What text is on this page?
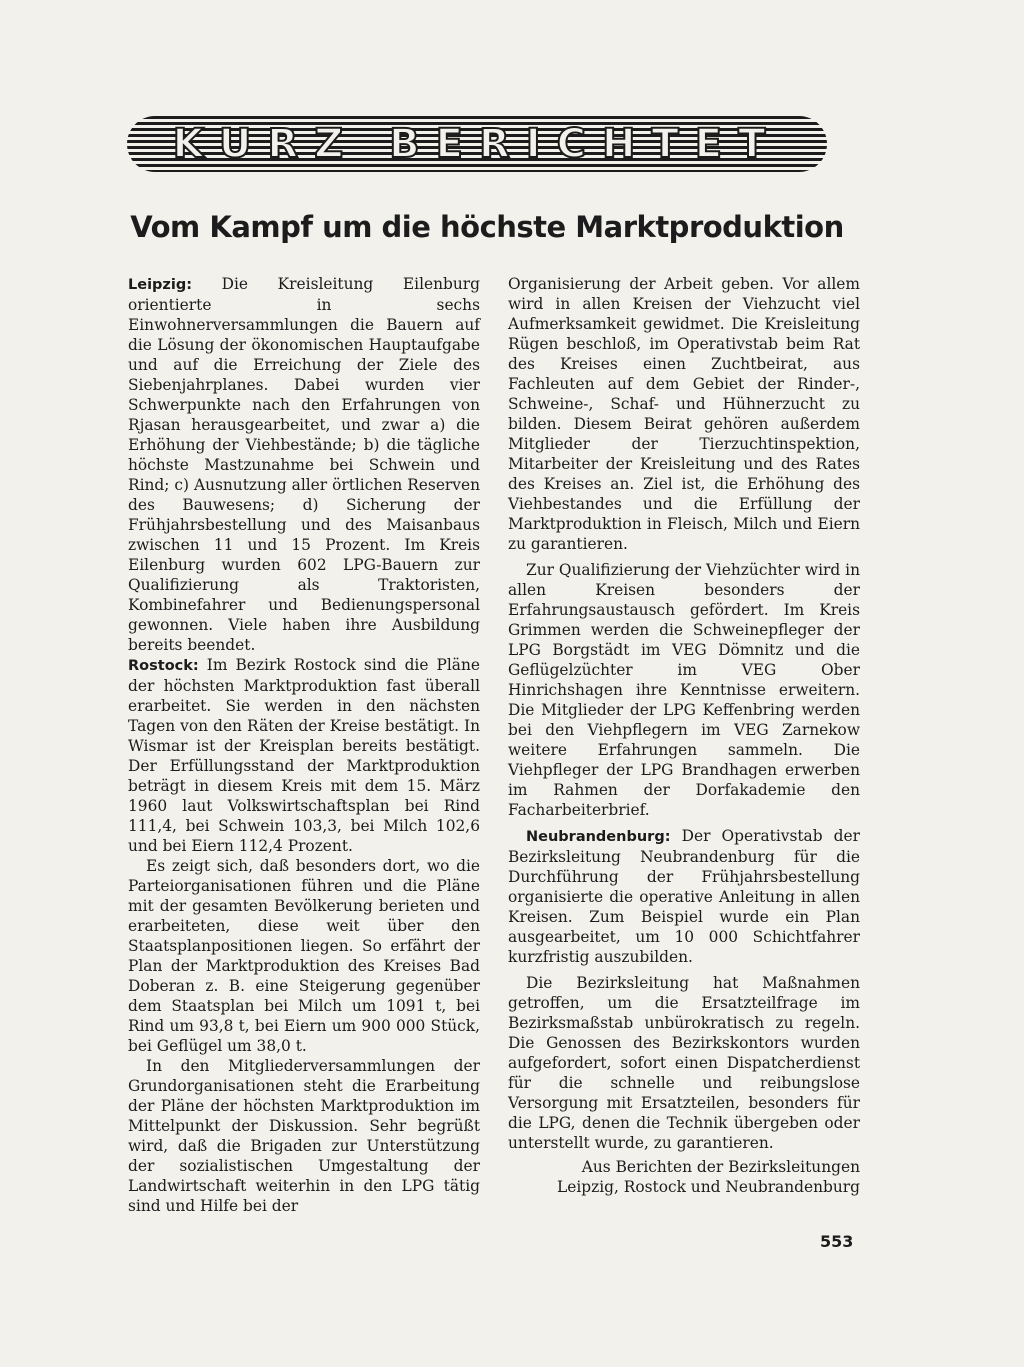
KURZ BERICHTET
Vom Kampf um die höchste Marktproduktion

Leipzig: Die Kreisleitung Eilenburg orientierte in sechs Einwohnerversammlungen die Bauern auf die Lösung der ökonomischen Hauptaufgabe und auf die Erreichung der Ziele des Siebenjahrplanes. Dabei wurden vier Schwerpunkte nach den Erfahrungen von Rjasan herausgearbeitet, und zwar a) die Erhöhung der Viehbestände; b) die tägliche höchste Mastzunahme bei Schwein und Rind; c) Ausnutzung aller örtlichen Reserven des Bauwesens; d) Sicherung der Frühjahrsbestellung und des Maisanbaus zwischen 11 und 15 Prozent. Im Kreis Eilenburg wurden 602 LPG-Bauern zur Qualifizierung als Traktoristen, Kombinefahrer und Bedienungspersonal gewonnen. Viele haben ihre Ausbildung bereits beendet.

Rostock: Im Bezirk Rostock sind die Pläne der höchsten Marktproduktion fast überall erarbeitet. Sie werden in den nächsten Tagen von den Räten der Kreise bestätigt. In Wismar ist der Kreisplan bereits bestätigt. Der Erfüllungsstand der Marktproduktion beträgt in diesem Kreis mit dem 15. März 1960 laut Volkswirtschaftsplan bei Rind 111,4, bei Schwein 103,3, bei Milch 102,6 und bei Eiern 112,4 Prozent.

Es zeigt sich, daß besonders dort, wo die Parteiorganisationen führen und die Pläne mit der gesamten Bevölkerung berieten und erarbeiteten, diese weit über den Staatsplanpositionen liegen. So erfährt der Plan der Marktproduktion des Kreises Bad Doberan z. B. eine Steigerung gegenüber dem Staatsplan bei Milch um 1091 t, bei Rind um 93,8 t, bei Eiern um 900 000 Stück, bei Geflügel um 38,0 t.

In den Mitgliederversammlungen der Grundorganisationen steht die Erarbeitung der Pläne der höchsten Marktproduktion im Mittelpunkt der Diskussion. Sehr begrüßt wird, daß die Brigaden zur Unterstützung der sozialistischen Umgestaltung der Landwirtschaft weiterhin in den LPG tätig sind und Hilfe bei der

Organisierung der Arbeit geben. Vor allem wird in allen Kreisen der Viehzucht viel Aufmerksamkeit gewidmet. Die Kreisleitung Rügen beschloß, im Operativstab beim Rat des Kreises einen Zuchtbeirat, aus Fachleuten auf dem Gebiet der Rinder-, Schweine-, Schaf- und Hühnerzucht zu bilden. Diesem Beirat gehören außerdem Mitglieder der Tierzuchtinspektion, Mitarbeiter der Kreisleitung und des Rates des Kreises an. Ziel ist, die Erhöhung des Viehbestandes und die Erfüllung der Marktproduktion in Fleisch, Milch und Eiern zu garantieren.

Zur Qualifizierung der Viehzüchter wird in allen Kreisen besonders der Erfahrungsaustausch gefördert. Im Kreis Grimmen werden die Schweinepfleger der LPG Borgstädt im VEG Dömnitz und die Geflügelzüchter im VEG Ober Hinrichshagen ihre Kenntnisse erweitern. Die Mitglieder der LPG Keffenbring werden bei den Viehpflegern im VEG Zarnekow weitere Erfahrungen sammeln. Die Viehpfleger der LPG Brandhagen erwerben im Rahmen der Dorfakademie den Facharbeiterbrief.

Neubrandenburg: Der Operativstab der Bezirksleitung Neubrandenburg für die Durchführung der Frühjahrsbestellung organisierte die operative Anleitung in allen Kreisen. Zum Beispiel wurde ein Plan ausgearbeitet, um 10 000 Schichtfahrer kurzfristig auszubilden.

Die Bezirksleitung hat Maßnahmen getroffen, um die Ersatzteilfrage im Bezirksmaßstab unbürokratisch zu regeln. Die Genossen des Bezirkskontors wurden aufgefordert, sofort einen Dispatcherdienst für die schnelle und reibungslose Versorgung mit Ersatzteilen, besonders für die LPG, denen die Technik übergeben oder unterstellt wurde, zu garantieren.

Aus Berichten der Bezirksleitungen
Leipzig, Rostock und Neubrandenburg
553
